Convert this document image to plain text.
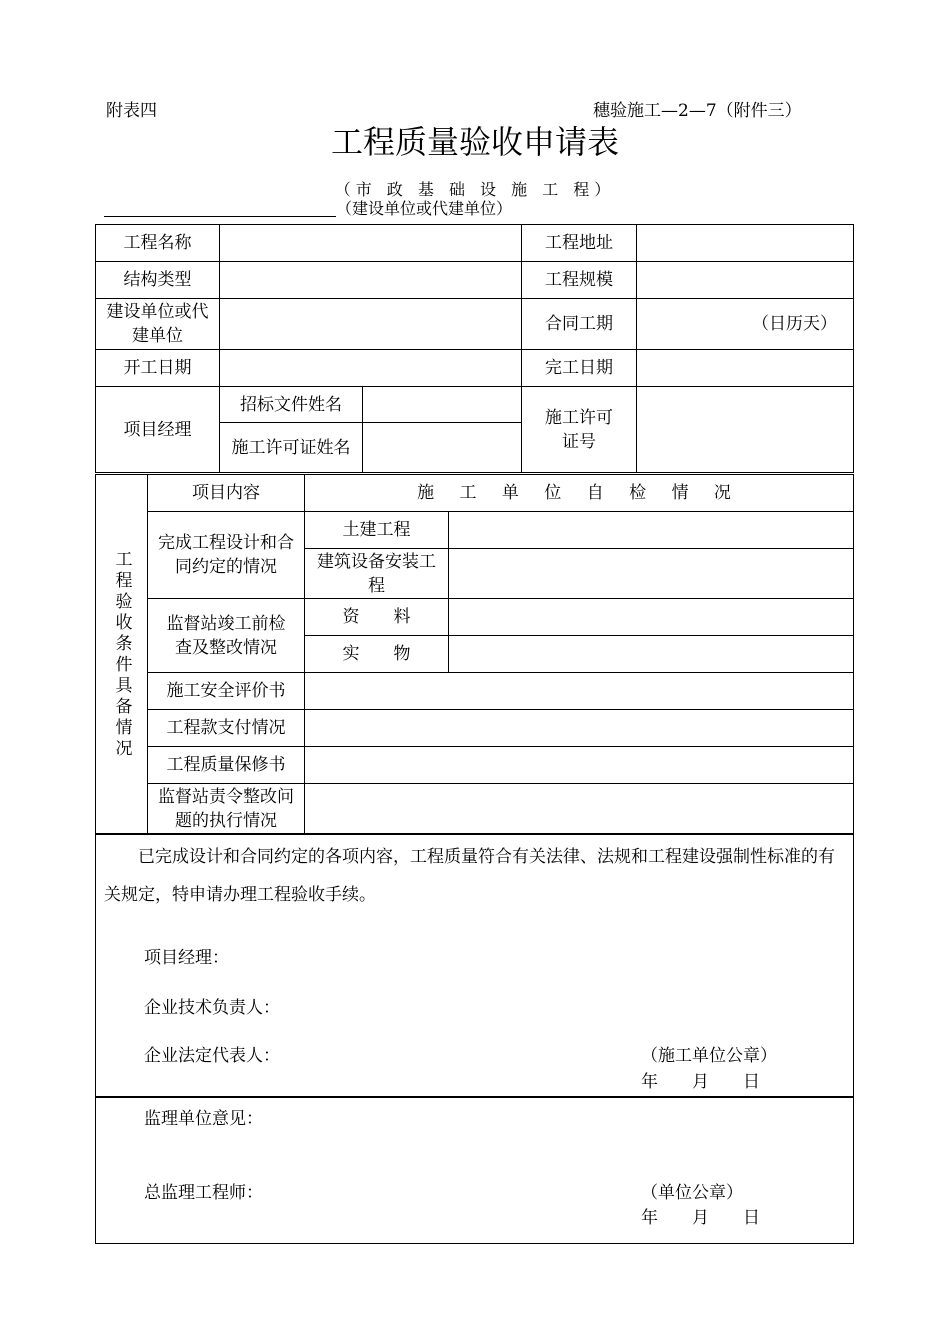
附表四	穗验施工—2—7（附件三）
工程质量验收申请表
（市 政 基 础 设 施 工 程）
（建设单位或代建单位）
工程名称			工程地址	
结构类型			工程规模	
建设单位或代建单位			合同工期	（日历天）
开工日期			完工日期	
项目经理	招标文件姓名		施工许可证号	
	施工许可证姓名			
工程验收条件具备情况	项目内容	施 工 单 位 自 检 情 况	
	完成工程设计和合同约定的情况	土建工程	
		建筑设备安装工　　　程	
	监督站竣工前检查及整改情况	资　　料	
		实　　物	
	施工安全评价书		
	工程款支付情况		
	工程质量保修书		
	监督站责令整改问题的执行情况		
　　已完成设计和合同约定的各项内容，工程质量符合有关法律、法规和工程建设强制性标准的有关规定，特申请办理工程验收手续。
项目经理：
企业技术负责人：
企业法定代表人：	（施工单位公章）
年　　月　　日
监理单位意见：
总监理工程师：	（单位公章）
年　　月　　日
